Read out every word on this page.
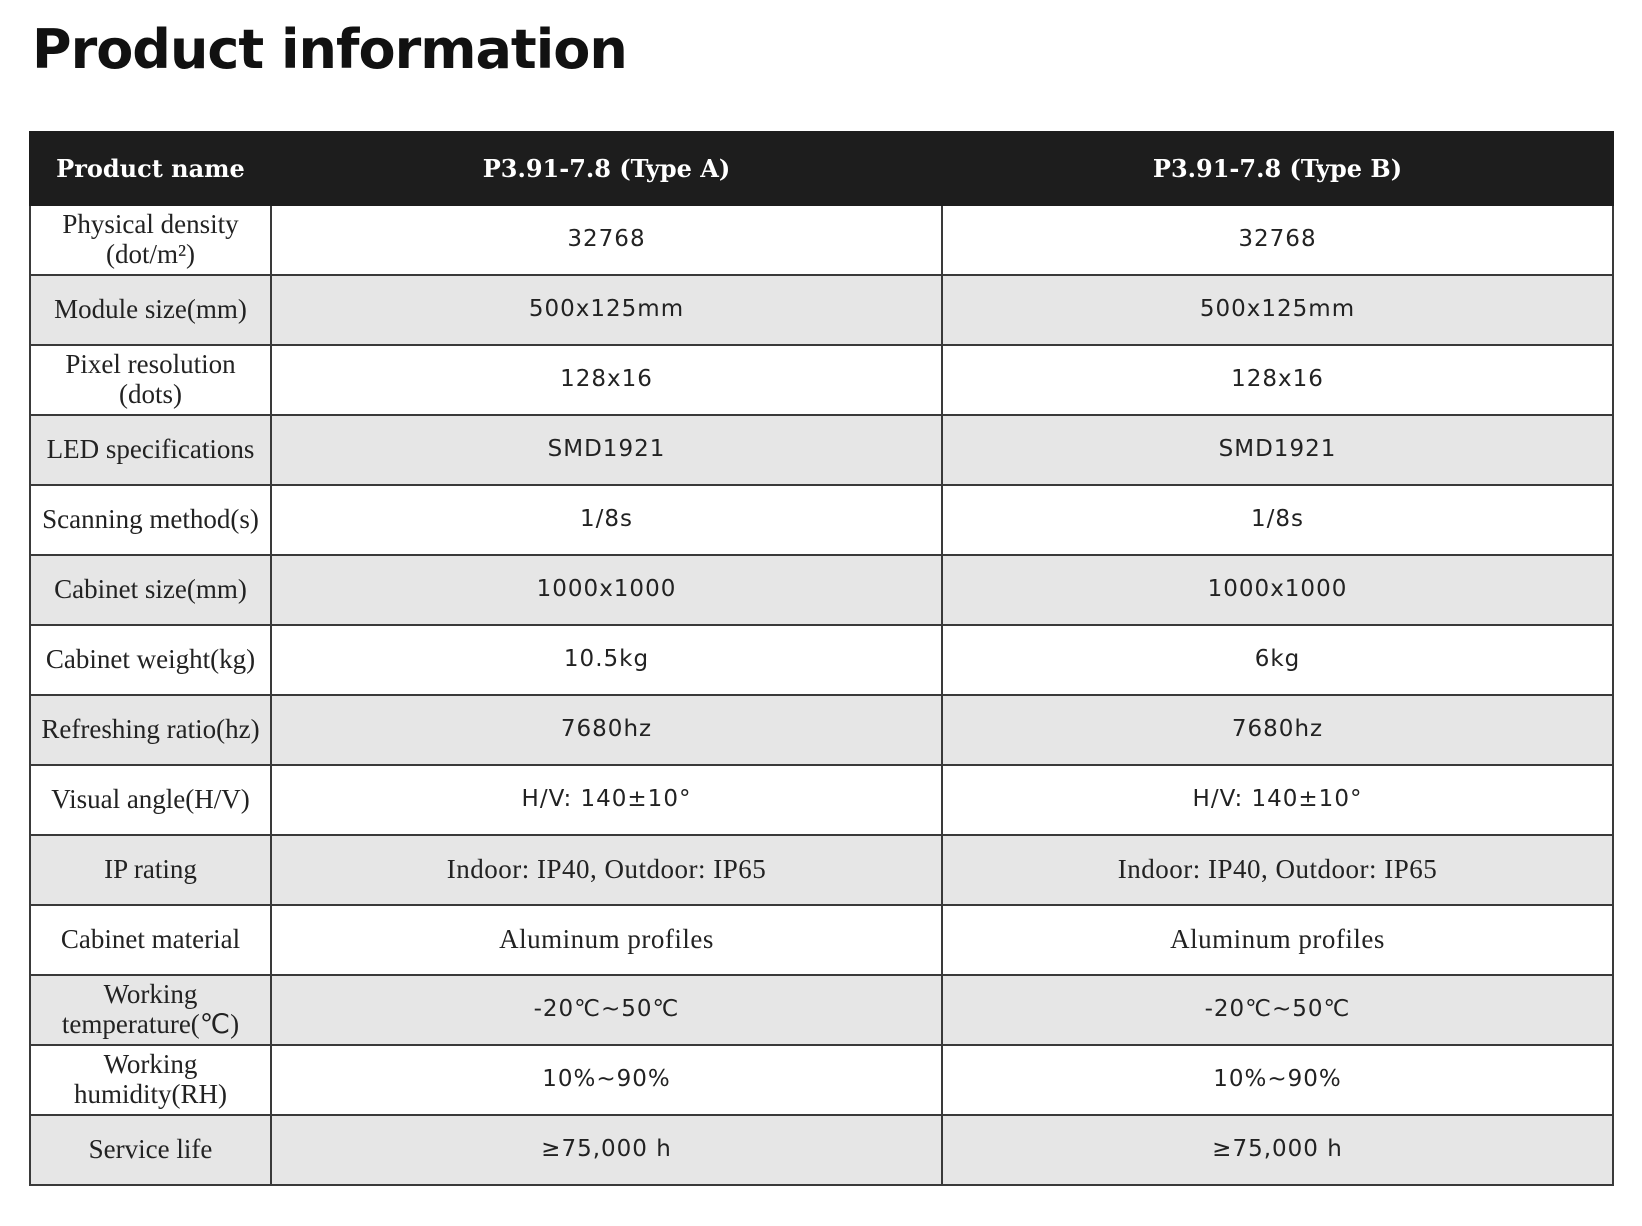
Product information
Product name	P3.91-7.8 (Type A)	P3.91-7.8 (Type B)
Physical density (dot/m²)	32768	32768
Module size(mm)	500x125mm	500x125mm
Pixel resolution (dots)	128x16	128x16
LED specifications	SMD1921	SMD1921
Scanning method(s)	1/8s	1/8s
Cabinet size(mm)	1000x1000	1000x1000
Cabinet weight(kg)	10.5kg	6kg
Refreshing ratio(hz)	7680hz	7680hz
Visual angle(H/V)	H/V: 140±10°	H/V: 140±10°
IP rating	Indoor: IP40, Outdoor: IP65	Indoor: IP40, Outdoor: IP65
Cabinet material	Aluminum profiles	Aluminum profiles
Working temperature(℃)	-20℃~50℃	-20℃~50℃
Working humidity(RH)	10%~90%	10%~90%
Service life	≥75,000 h	≥75,000 h
